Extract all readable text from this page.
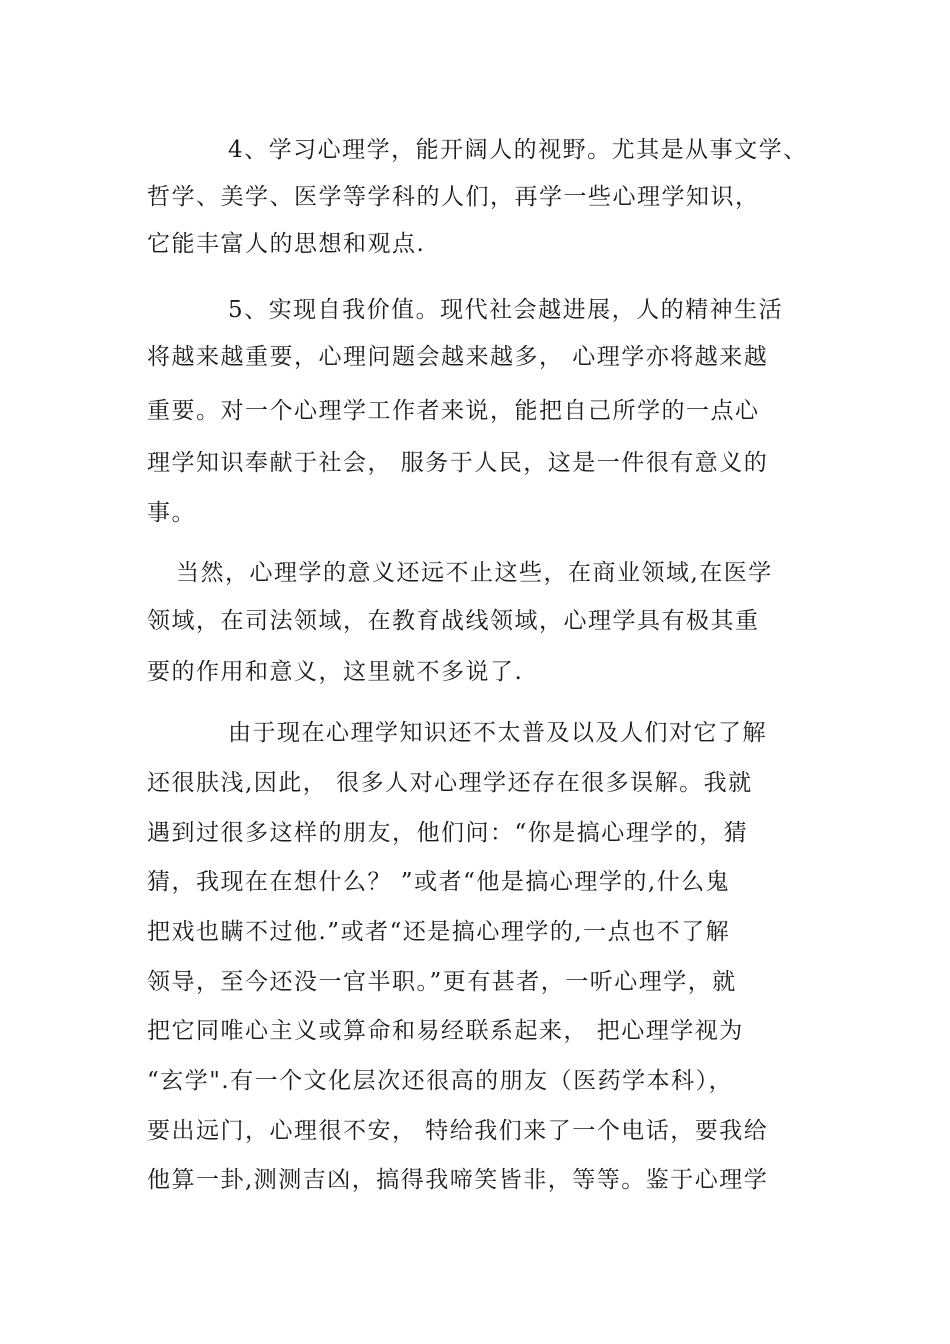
4、学习心理学，能开阔人的视野。尤其是从事文学、
哲学、美学、医学等学科的人们，再学一些心理学知识，
它能丰富人的思想和观点.
5、实现自我价值。现代社会越进展，人的精神生活
将越来越重要，心理问题会越来越多， 心理学亦将越来越
重要。对一个心理学工作者来说，能把自己所学的一点心
理学知识奉献于社会， 服务于人民，这是一件很有意义的
事。
当然，心理学的意义还远不止这些，在商业领域,在医学
领域，在司法领域，在教育战线领域，心理学具有极其重
要的作用和意义，这里就不多说了.
由于现在心理学知识还不太普及以及人们对它了解
还很肤浅,因此， 很多人对心理学还存在很多误解。我就
遇到过很多这样的朋友，他们问：“你是搞心理学的，猜
猜，我现在在想什么？ ”或者“他是搞心理学的,什么鬼
把戏也瞒不过他.”或者“还是搞心理学的,一点也不了解
领导，至今还没一官半职。”更有甚者，一听心理学，就
把它同唯心主义或算命和易经联系起来， 把心理学视为
“玄学".有一个文化层次还很高的朋友（医药学本科），
要出远门，心理很不安， 特给我们来了一个电话，要我给
他算一卦,测测吉凶，搞得我啼笑皆非，等等。鉴于心理学
